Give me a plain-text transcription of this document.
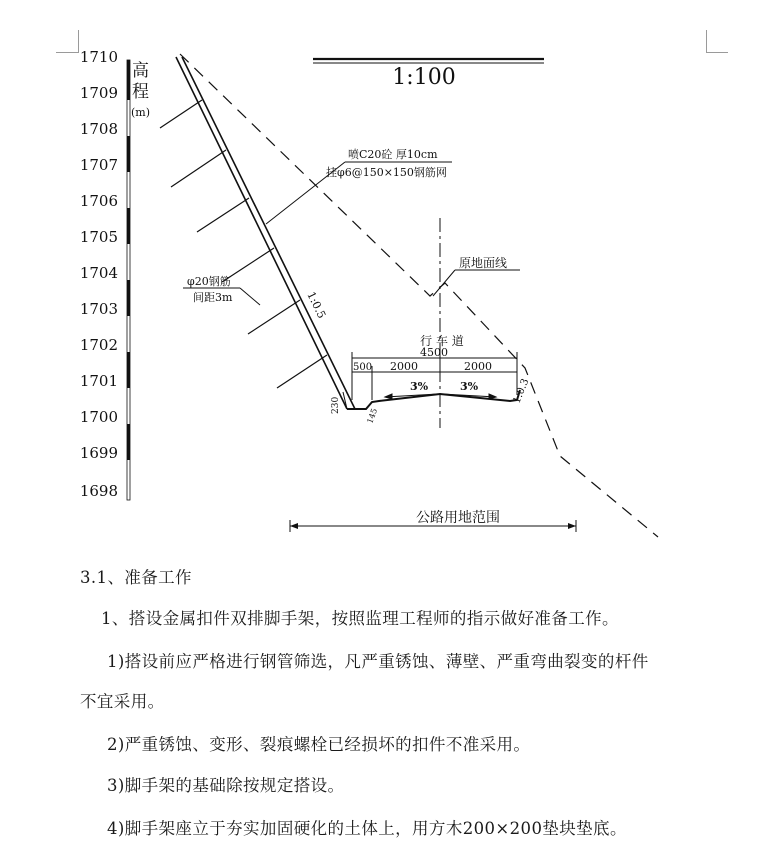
1:100
高
程
(m)
1710
1709
1708
1707
1706
1705
1704
1703
1702
1701
1700
1699
1698
3%	3%
行 车 道
4500
500 2000	2000
230
145
1:0.5
1:0.3
喷C20砼 厚10cm
挂φ6@150×150钢筋网
φ20钢筋
间距3m
原地面线
公路用地范围
3.1、准备工作
1、搭设金属扣件双排脚手架，按照监理工程师的指示做好准备工作。
1)搭设前应严格进行钢管筛选，凡严重锈蚀、薄壁、严重弯曲裂变的杆件
不宜采用。
2)严重锈蚀、变形、裂痕螺栓已经损坏的扣件不准采用。
3)脚手架的基础除按规定搭设。
4)脚手架座立于夯实加固硬化的土体上，用方木200×200垫块垫底。
